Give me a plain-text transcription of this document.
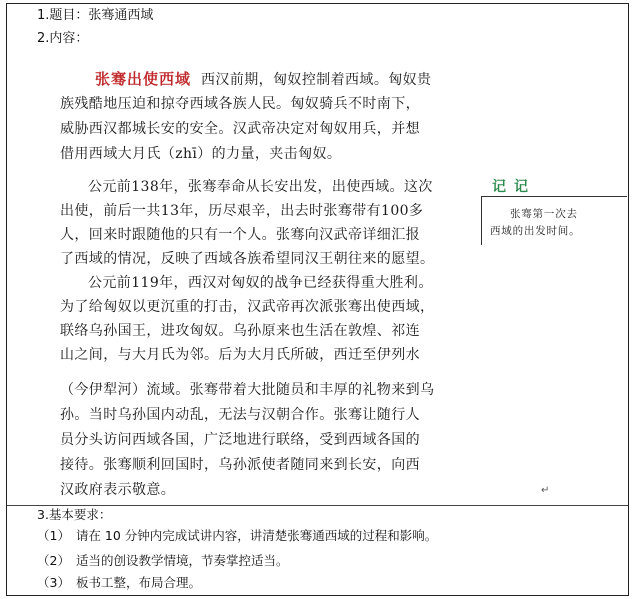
1.题目：张骞通西域
2.内容：
张骞出使西域 西汉前期，匈奴控制着西域。匈奴贵
族残酷地压迫和掠夺西域各族人民。匈奴骑兵不时南下，
威胁西汉都城长安的安全。汉武帝决定对匈奴用兵，并想
借用西域大月氏（zhī）的力量，夹击匈奴。
公元前138年，张骞奉命从长安出发，出使西域。这次
出使，前后一共13年，历尽艰辛，出去时张骞带有100多
人，回来时跟随他的只有一个人。张骞向汉武帝详细汇报
了西域的情况，反映了西域各族希望同汉王朝往来的愿望。
公元前119年，西汉对匈奴的战争已经获得重大胜利。
为了给匈奴以更沉重的打击，汉武帝再次派张骞出使西域，
联络乌孙国王，进攻匈奴。乌孙原来也生活在敦煌、祁连
山之间，与大月氏为邻。后为大月氏所破，西迁至伊列水
（今伊犁河）流域。张骞带着大批随员和丰厚的礼物来到乌
孙。当时乌孙国内动乱，无法与汉朝合作。张骞让随行人
员分头访问西域各国，广泛地进行联络，受到西域各国的
接待。张骞顺利回国时，乌孙派使者随同来到长安，向西
汉政府表示敬意。
记记
张骞第一次去
西域的出发时间。
↵
3.基本要求：
（1） 请在 10 分钟内完成试讲内容，讲清楚张骞通西域的过程和影响。
（2） 适当的创设教学情境，节奏掌控适当。
（3） 板书工整，布局合理。
